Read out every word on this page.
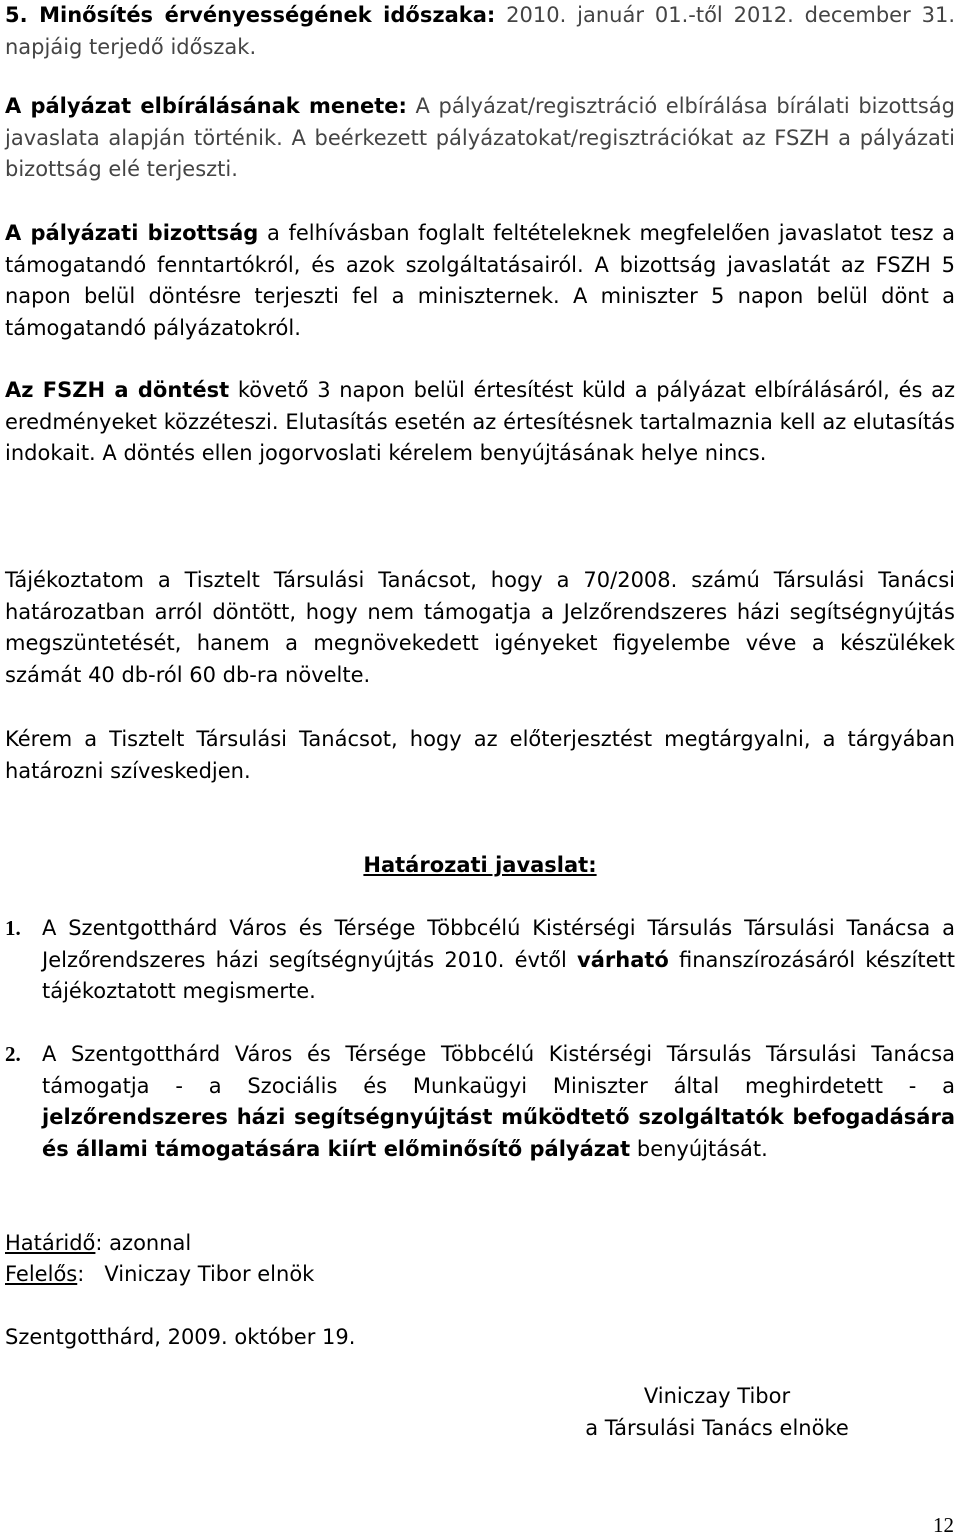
5. Minősítés érvényességének időszaka: 2010. január 01.-től 2012. december 31. napjáig terjedő időszak.
A pályázat elbírálásának menete: A pályázat/regisztráció elbírálása bírálati bizottság javaslata alapján történik. A beérkezett pályázatokat/regisztrációkat az FSZH a pályázati bizottság elé terjeszti.
A pályázati bizottság a felhívásban foglalt feltételeknek megfelelően javaslatot tesz a támogatandó fenntartókról, és azok szolgáltatásairól. A bizottság javaslatát az FSZH 5 napon belül döntésre terjeszti fel a miniszternek. A miniszter 5 napon belül dönt a támogatandó pályázatokról.
Az FSZH a döntést követő 3 napon belül értesítést küld a pályázat elbírálásáról, és az eredményeket közzéteszi. Elutasítás esetén az értesítésnek tartalmaznia kell az elutasítás indokait. A döntés ellen jogorvoslati kérelem benyújtásának helye nincs.
Tájékoztatom a Tisztelt Társulási Tanácsot, hogy a 70/2008. számú Társulási Tanácsi határozatban arról döntött, hogy nem támogatja a Jelzőrendszeres házi segítségnyújtás megszüntetését, hanem a megnövekedett igényeket figyelembe véve a készülékek számát 40 db-ról 60 db-ra növelte.
Kérem a Tisztelt Társulási Tanácsot, hogy az előterjesztést megtárgyalni, a tárgyában határozni szíveskedjen.
Határozati javaslat:
1.	A Szentgotthárd Város és Térsége Többcélú Kistérségi Társulás Társulási Tanácsa a Jelzőrendszeres házi segítségnyújtás 2010. évtől várható finanszírozásáról készített tájékoztatott megismerte.
2.	A Szentgotthárd Város és Térsége Többcélú Kistérségi Társulás Társulási Tanácsa támogatja - a Szociális és Munkaügyi Miniszter által meghirdetett - a jelzőrendszeres házi segítségnyújtást működtető szolgáltatók befogadására és állami támogatására kiírt előminősítő pályázat benyújtását.
Határidő: azonnal
Felelős:   Viniczay Tibor elnök
Szentgotthárd, 2009. október 19.
Viniczay Tibor
a Társulási Tanács elnöke
12
